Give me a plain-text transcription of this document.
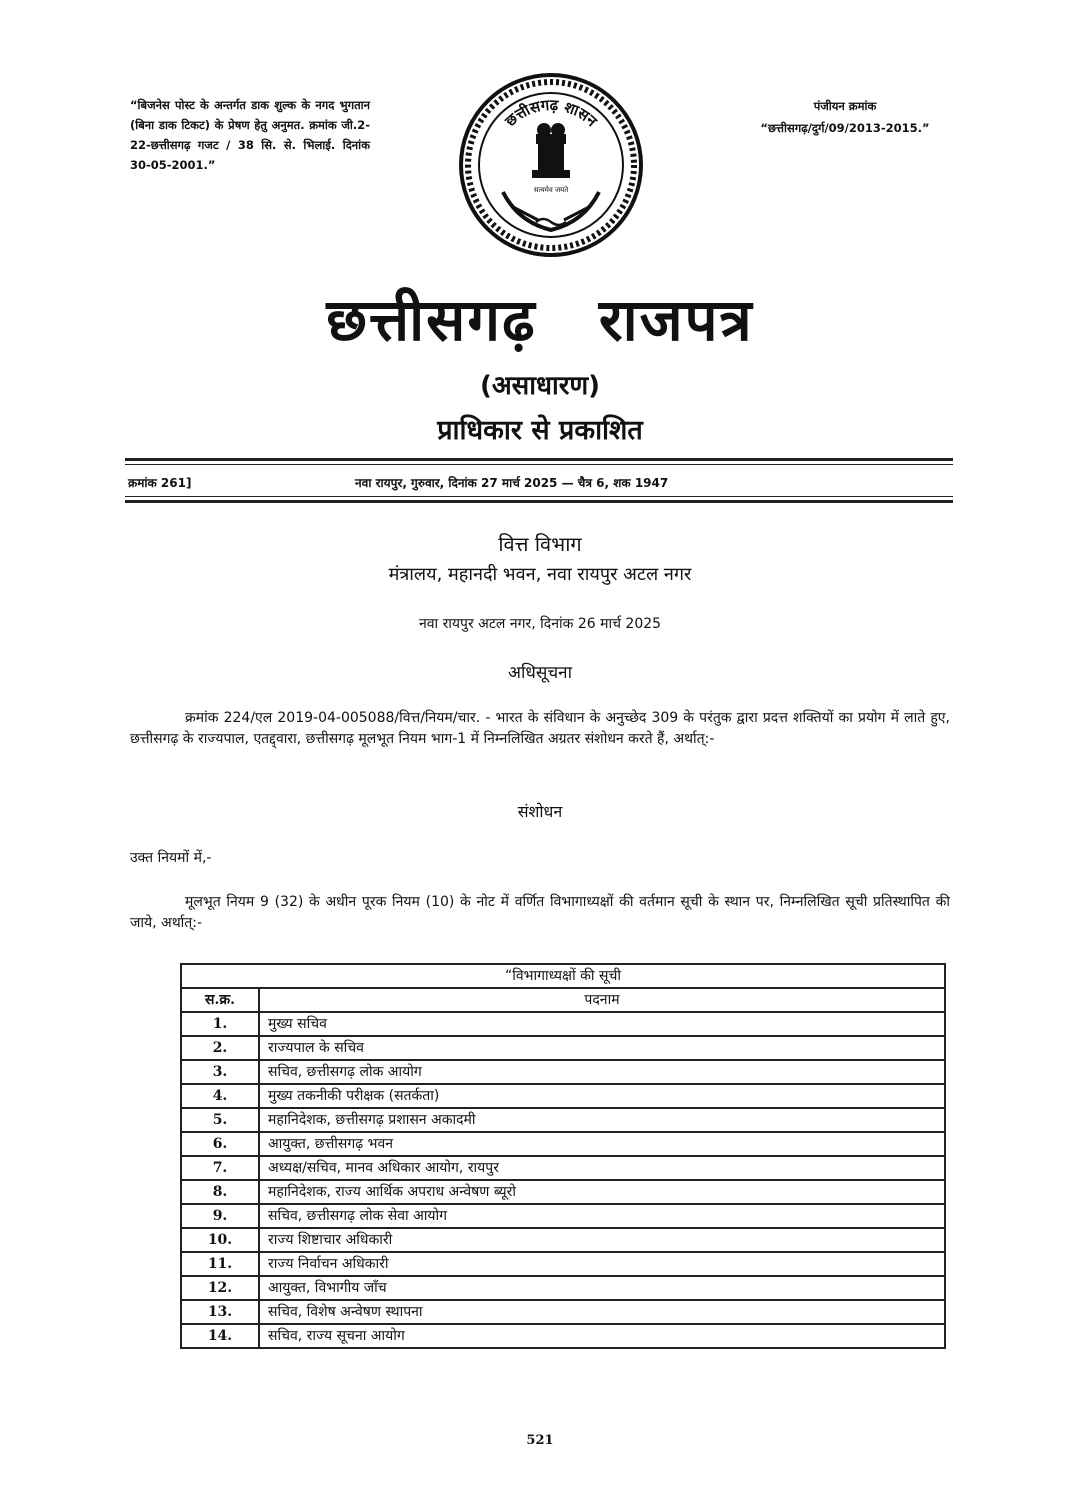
“बिजनेस पोस्ट के अन्तर्गत डाक शुल्क के नगद भुगतान (बिना डाक टिकट) के प्रेषण हेतु अनुमत. क्रमांक जी.2-22-छत्तीसगढ़ गजट / 38 सि. से. भिलाई. दिनांक 30-05-2001.”
छत्तीसगढ़ शासन
सत्यमेव जयते
पंजीयन क्रमांक
“छत्तीसगढ़/दुर्ग/09/2013-2015.”
छत्तीसगढ़ राजपत्र
(असाधारण)
प्राधिकार से प्रकाशित
क्रमांक 261]	नवा रायपुर, गुरुवार, दिनांक 27 मार्च 2025 — चैत्र 6, शक 1947
वित्त विभाग
मंत्रालय, महानदी भवन, नवा रायपुर अटल नगर
नवा रायपुर अटल नगर, दिनांक 26 मार्च 2025
अधिसूचना
क्रमांक 224/एल 2019-04-005088/वित्त/नियम/चार. - भारत के संविधान के अनुच्छेद 309 के परंतुक द्वारा प्रदत्त शक्तियों का प्रयोग में लाते हुए, छत्तीसगढ़ के राज्यपाल, एतद्द्वारा, छत्तीसगढ़ मूलभूत नियम भाग-1 में निम्नलिखित अग्रतर संशोधन करते हैं, अर्थात्:-
संशोधन
उक्त नियमों में,-
मूलभूत नियम 9 (32) के अधीन पूरक नियम (10) के नोट में वर्णित विभागाध्यक्षों की वर्तमान सूची के स्थान पर, निम्नलिखित सूची प्रतिस्थापित की जाये, अर्थात्:-
“विभागाध्यक्षों की सूची	
स.क्र.	पदनाम
1.	मुख्य सचिव
2.	राज्यपाल के सचिव
3.	सचिव, छत्तीसगढ़ लोक आयोग
4.	मुख्य तकनीकी परीक्षक (सतर्कता)
5.	महानिदेशक, छत्तीसगढ़ प्रशासन अकादमी
6.	आयुक्त, छत्तीसगढ़ भवन
7.	अध्यक्ष/सचिव, मानव अधिकार आयोग, रायपुर
8.	महानिदेशक, राज्य आर्थिक अपराध अन्वेषण ब्यूरो
9.	सचिव, छत्तीसगढ़ लोक सेवा आयोग
10.	राज्य शिष्टाचार अधिकारी
11.	राज्य निर्वाचन अधिकारी
12.	आयुक्त, विभागीय जाँच
13.	सचिव, विशेष अन्वेषण स्थापना
14.	सचिव, राज्य सूचना आयोग
521
